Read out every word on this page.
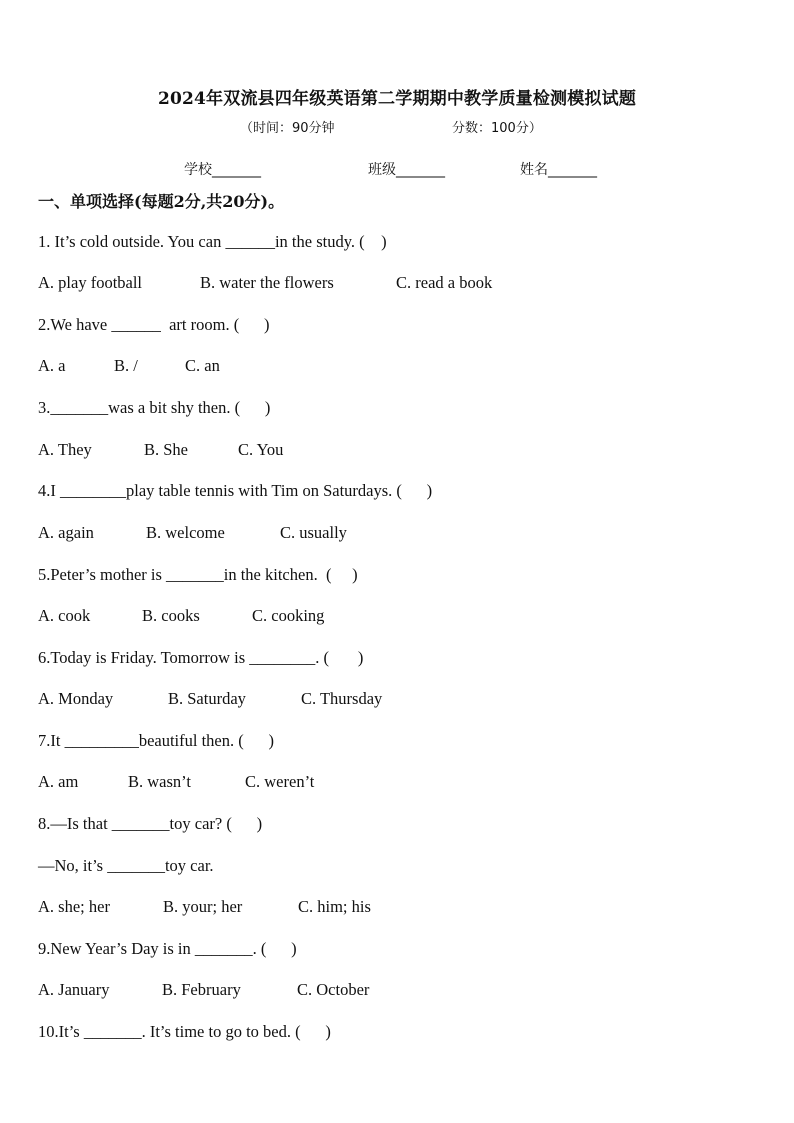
2024年双流县四年级英语第二学期期中教学质量检测模拟试题
（时间：90分钟	分数：100分）
学校_______	班级_______	姓名_______
一、单项选择(每题2分,共20分)。
1. It’s cold outside. You can ______in the study. (    )
A. play football	B. water the flowers	C. read a book
2.We have ______  art room. (      )
A. a	B. /	C. an
3._______was a bit shy then. (      )
A. They	B. She	C. You
4.I ________play table tennis with Tim on Saturdays. (      )
A. again	B. welcome	C. usually
5.Peter’s mother is _______in the kitchen.  (     )
A. cook	B. cooks	C. cooking
6.Today is Friday. Tomorrow is ________. (       )
A. Monday	B. Saturday	C. Thursday
7.It _________beautiful then. (      )
A. am	B. wasn’t	C. weren’t
8.—Is that _______toy car? (      )
—No, it’s _______toy car.
A. she; her	B. your; her	C. him; his
9.New Year’s Day is in _______. (      )
A. January	B. February	C. October
10.It’s _______. It’s time to go to bed. (      )
